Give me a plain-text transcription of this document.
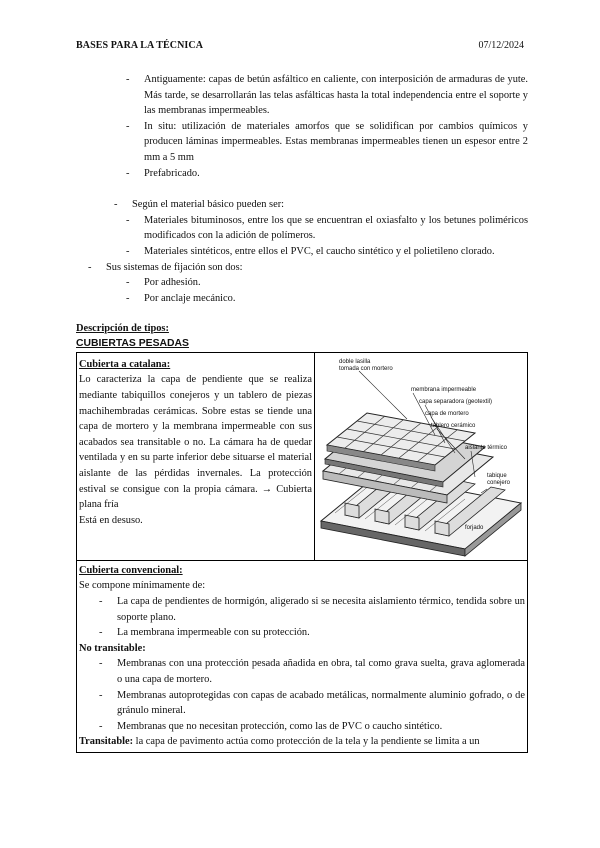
BASES PARA LA TÉCNICA	07/12/2024
- Antiguamente: capas de betún asfáltico en caliente, con interposición de armaduras de yute. Más tarde, se desarrollarán las telas asfálticas hasta la total independencia entre el soporte y las membranas impermeables.
- In situ: utilización de materiales amorfos que se solidifican por cambios químicos y producen láminas impermeables. Estas membranas impermeables tienen un espesor entre 2 mm a 5 mm
- Prefabricado.
- Según el material básico pueden ser:
- Materiales bituminosos, entre los que se encuentran el oxiasfalto y los betunes poliméricos modificados con la adición de polímeros.
- Materiales sintéticos, entre ellos el PVC, el caucho sintético y el polietileno clorado.
- Sus sistemas de fijación son dos:
- Por adhesión.
- Por anclaje mecánico.
Descripción de tipos:
CUBIERTAS PESADAS
Cubierta a catalana:
Lo caracteriza la capa de pendiente que se realiza mediante tabiquillos conejeros y un tablero de piezas machihembradas cerámicas. Sobre estas se tiende una capa de mortero y la membrana impermeable con sus acabados sea transitable o no. La cámara ha de quedar ventilada y en su parte inferior debe situarse el material aislante de las pérdidas invernales. La protección estival se consigue con la propia cámara. → Cubierta plana fría
Está en desuso.
doble lasilla
tomada con mortero
membrana impermeable
capa separadora (geotextil)
capa de mortero
tablero cerámico
aislante térmico
tabique
conejero
forjado
Cubierta convencional:
Se compone mínimamente de:
- La capa de pendientes de hormigón, aligerado si se necesita aislamiento térmico, tendida sobre un soporte plano.
- La membrana impermeable con su protección.
No transitable:
- Membranas con una protección pesada añadida en obra, tal como grava suelta, grava aglomerada o una capa de mortero.
- Membranas autoprotegidas con capas de acabado metálicas, normalmente aluminio gofrado, o de gránulo mineral.
- Membranas que no necesitan protección, como las de PVC o caucho sintético.
Transitable: la capa de pavimento actúa como protección de la tela y la pendiente se limita a un
